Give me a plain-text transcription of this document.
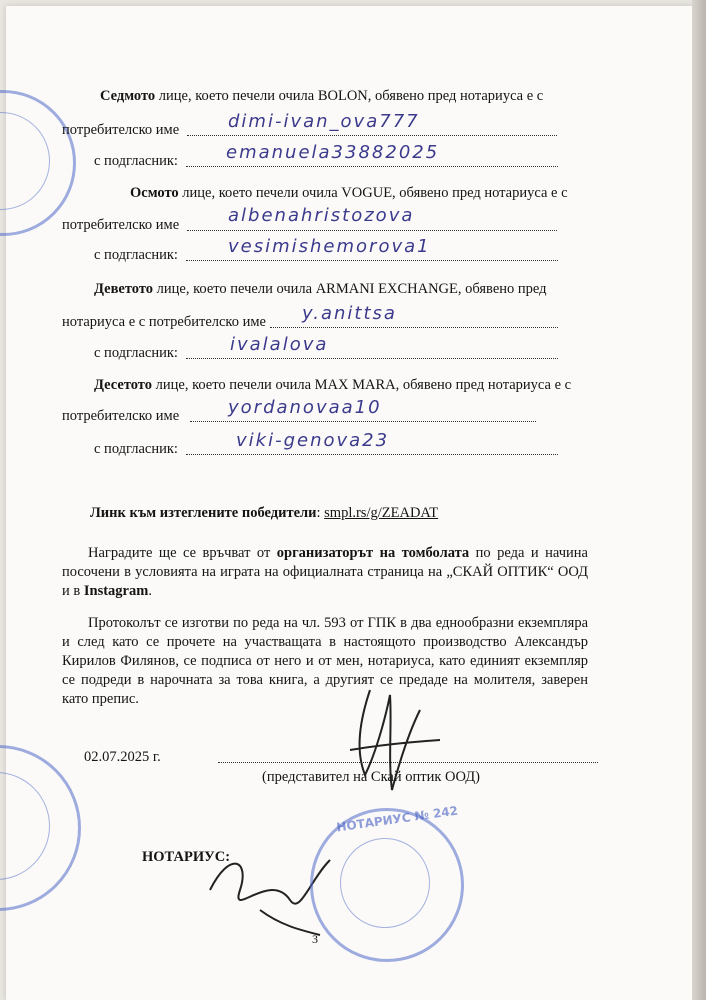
Седмото лице, което печели очила BOLON, обявено пред нотариуса е с
потребителско име	dimi-ivan_ova777
с подгласник:	emanuela33882025
Осмото лице, което печели очила VOGUE, обявено пред нотариуса е с
потребителско име	albenahristozova
с подгласник:	vesimishemorova1
Деветото лице, което печели очила ARMANI EXCHANGE, обявено пред
нотариуса е с потребителско име y.anittsa
с подгласник:	ivalalova
Десетото лице, което печели очила MAX MARA, обявено пред нотариуса е с
потребителско име	yordanovaa10
с подгласник:	viki-genova23
Линк към изтеглените победители: smpl.rs/g/ZEADAT
Наградите ще се връчват от организаторът на томболата по реда и начина посочени в условията на играта на официалната страница на „СКАЙ ОПТИК“ ООД и в Instagram.
Протоколът се изготви по реда на чл. 593 от ГПК в два еднообразни екземпляра и след като се прочете на участващата в настоящото производство Александър Кирилов Филянов, се подписа от него и от мен, нотариуса, като единият екземпляр се подреди в нарочната за това книга, а другият се предаде на молителя, заверен като препис.
02.07.2025 г.
(представител на Скай оптик ООД)
НОТАРИУС:
НОТАРИУС № 242
3
